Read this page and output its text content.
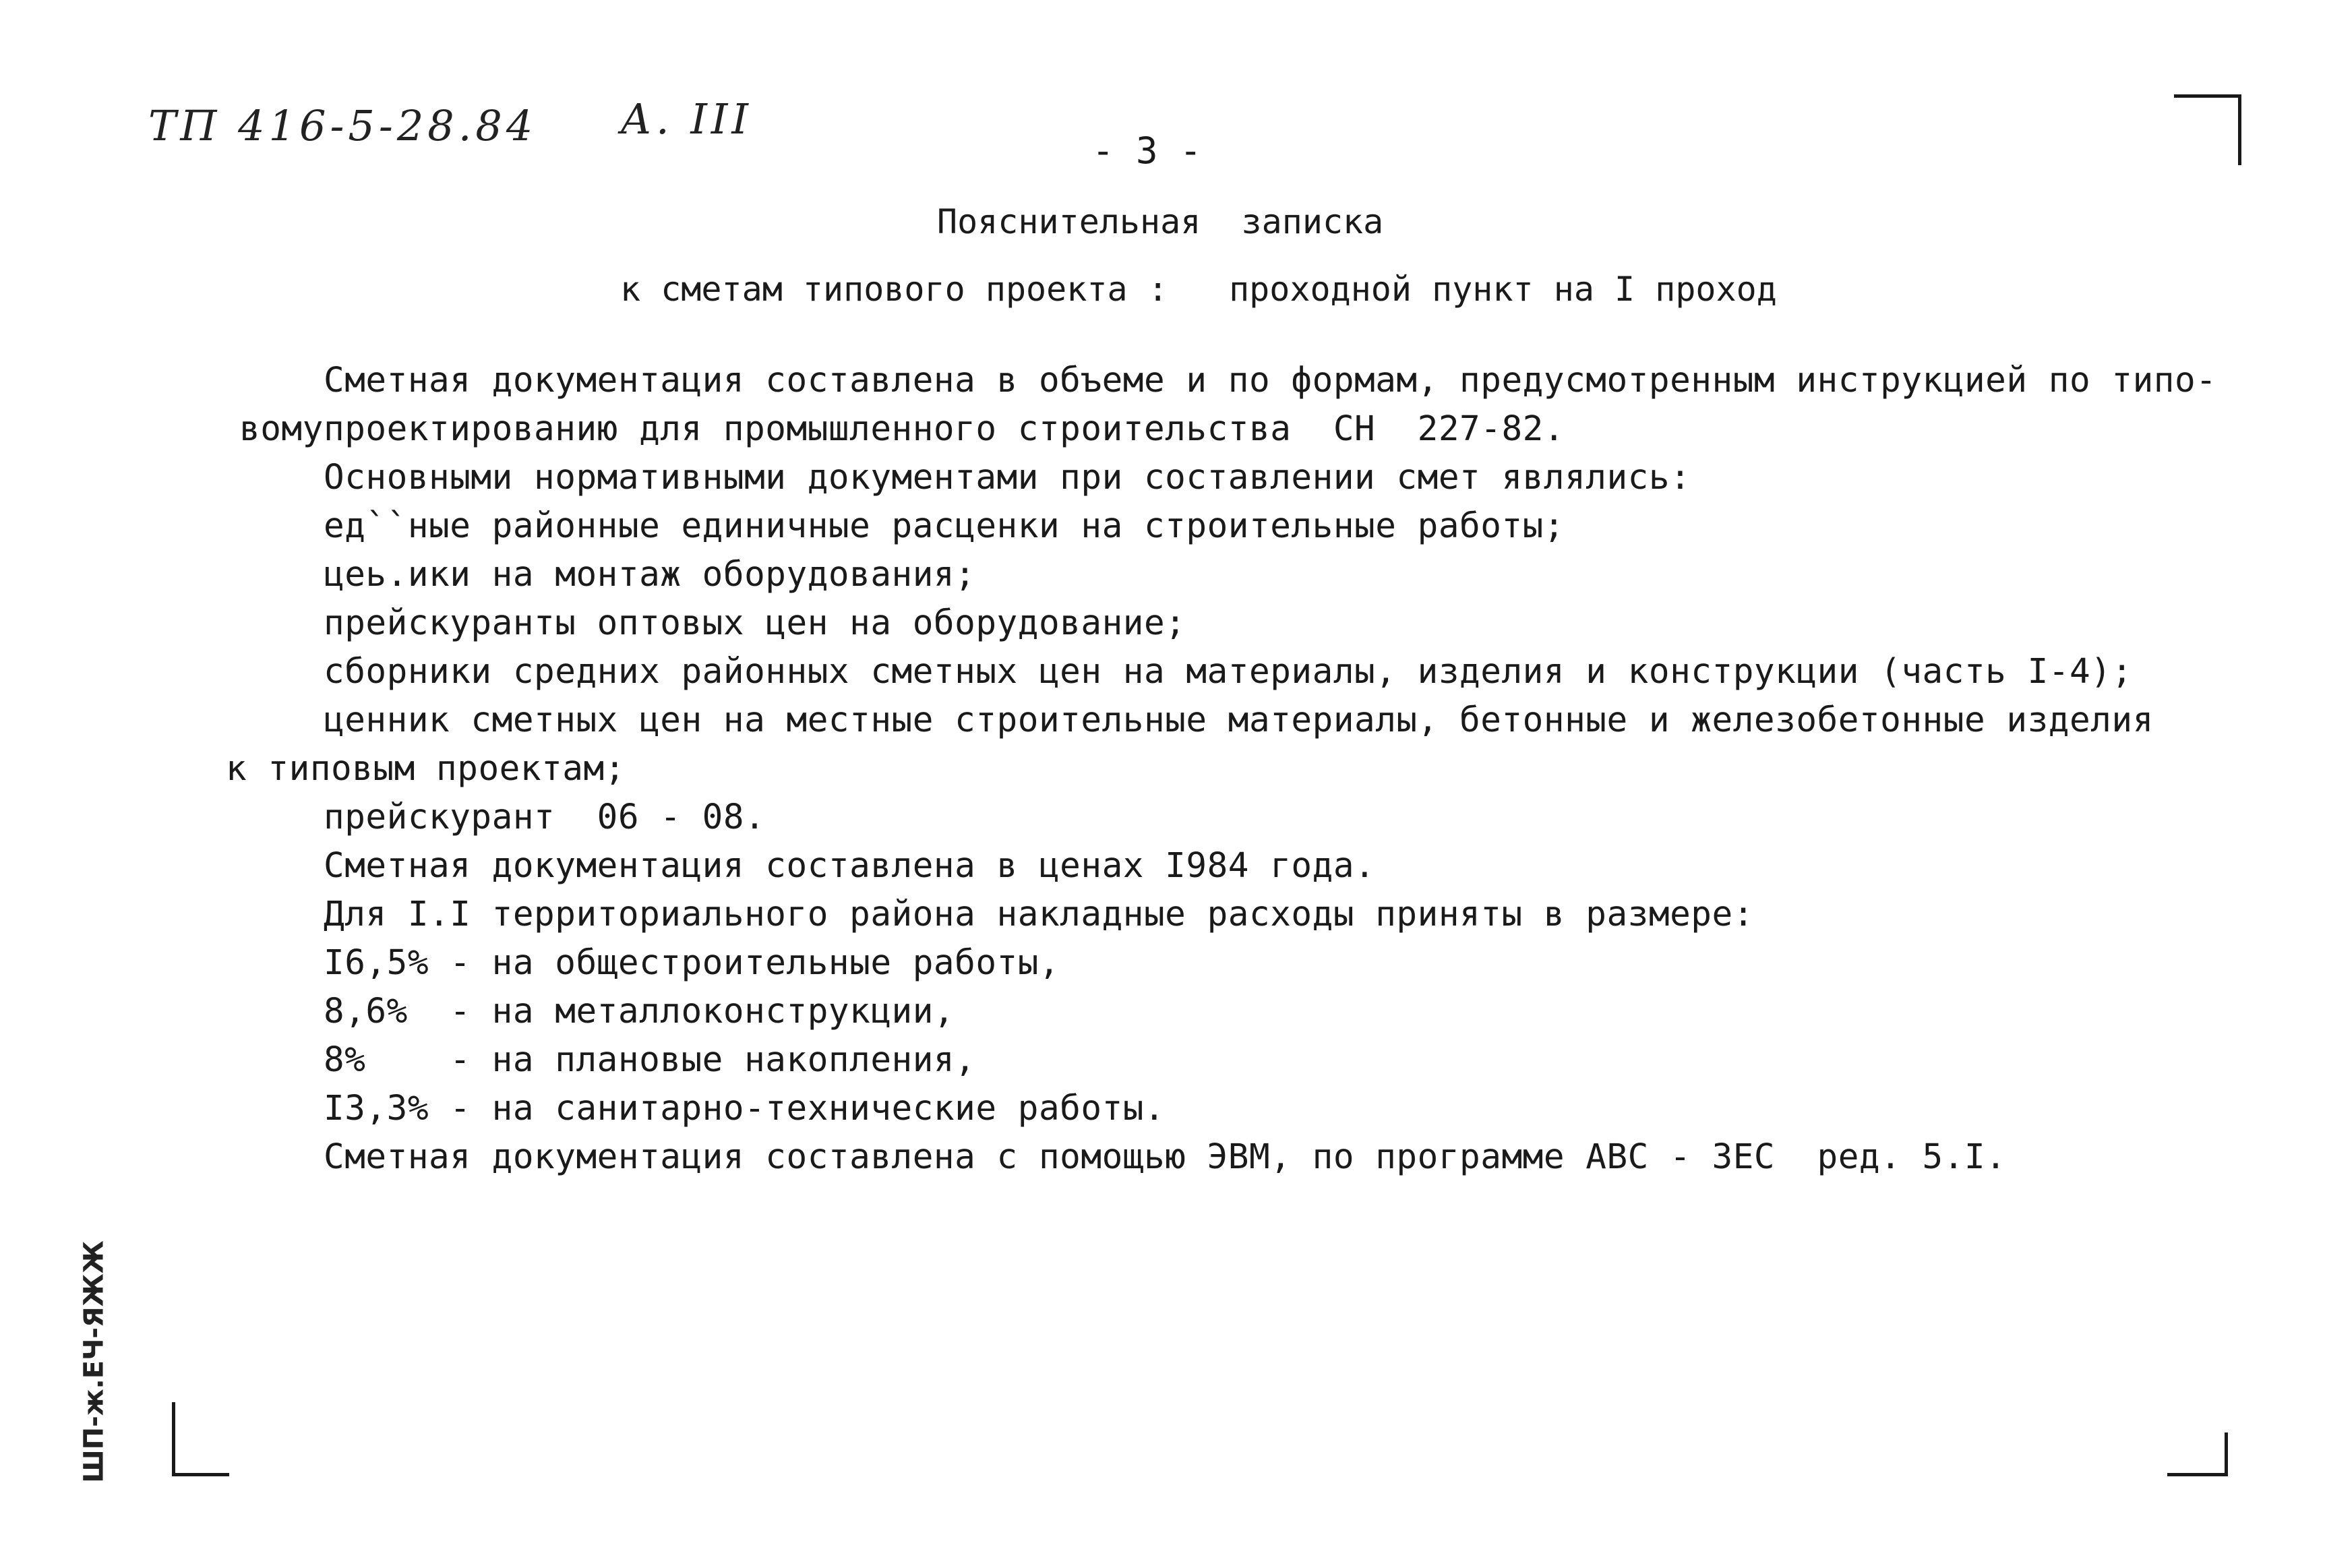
ТП 416-5-28.84 А. III
- 3 -
Пояснительная  записка
к сметам типового проекта :   проходной пункт на I проход
Сметная документация составлена в объеме и по формам, предусмотренным инструкцией по типо-
вому проектированию для промышленного строительства  СН  227-82.
Основными нормативными документами при составлении смет являлись:
ед``ные районные единичные расценки на строительные работы;
цеь.ики на монтаж оборудования;
прейскуранты оптовых цен на оборудование;
сборники средних районных сметных цен на материалы, изделия и конструкции (часть I-4);
ценник сметных цен на местные строительные материалы, бетонные и железобетонные изделия
к типовым проектам;
прейскурант  06 - 08.
Сметная документация составлена в ценах I984 года.
Для I.I территориального района накладные расходы приняты в размере:
I6,5% - на общестроительные работы,
8,6%  - на металлоконструкции,
8%    - на плановые накопления,
I3,3% - на санитарно-технические работы.
Сметная документация составлена с помощью ЭВМ, по программе АВС - ЗЕС  ред. 5.I.
ШП-ж.ЕЧ-ЯЖЖ
